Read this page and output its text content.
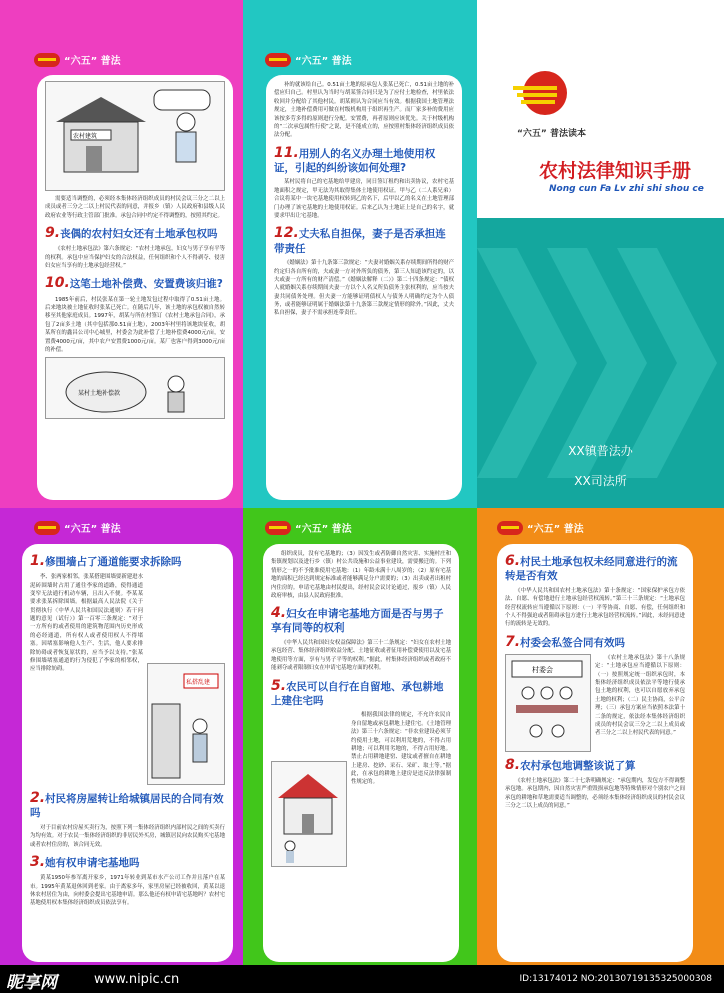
“六五” 普法
农村建筑

需要适当调整的，必须经本集体经济组织成员的村民会议三分之二以上成员或者三分之二以上村民代表的同意，并报乡（镇）人民政府和县级人民政府农业等行政主管部门批准。承包合同中约定不得调整的，按照其约定。

9.丧偶的农村妇女还有土地承包权吗

《农村土地承包法》第六条规定：“农村土地承包，妇女与男子享有平等的权利。承包中应当保护妇女的合法权益，任何组织和个人不得剥夺、侵害妇女应当享有的土地承包经营权。”

10.这笔土地补偿费、安置费该归谁?

1985年前后，村民张某在第一轮土地发包过程中取得了0.51亩土地。后来地块被土地征收时张某已死亡。在随后几年，该土地的承包权被自然转移至其他家庭成员。1997年，胡某与所在村签订《农村土地承包合同》，承包了2亩多土地（其中包括那0.51亩土地），2003年村里将该地块征收，胡某所在的鑫昌公司中心城里，村委会为此补偿了土地补偿费4000元/亩，安置费4000元/亩，其中农户安置费1000元/亩。某厂也客户得到3000元/亩的补偿。

某村土地补偿款
“六五” 普法

补的就该给自己。0.51亩土地的原承包人张某已死亡，0.51亩土地的补偿应归自己。村里认为当时与胡某签合同只是为了应付土地检查，村里依法收回并分配给了其他村民。胡某则认为合同应当有效。根据我国土地管理法规定，土地补偿费用可做在村级机构用于组织再生产。而厂家多补的费用应该按多劳多得的原则进行分配。安置费，再者原则应该优先。关于村级机构的“二次承包属性行使”之说，是不能成立的，应按照村集体经济组织成员依法分配。

11.用别人的名义办理土地使用权证，引起的纠纷该如何处理?

某村民将自己的宅基地给甲建房，同日签订租约和出卖协议，农村宅基地面积之规定，甲无法为其取得集体土地使用权证。甲与乙（二人系兄弟）合议将某中一块宅基地使用权转到乙的名下，后甲以乙的名义在土地管理部门办理了该宅基地的土地使用权证。后来乙认为土地证上是自己的名字，就要求甲出让宅基地。

12.丈夫私自担保，妻子是否承担连带责任

《婚姻法》第十九条第三款规定：“夫妻对婚姻关系存续期间所得的财产约定归各自所有的，夫或妻一方对外所负的债务，第三人知道该约定的，以夫或妻一方所有的财产清偿。”《婚姻法解释（二）》第二十四条规定：“债权人就婚姻关系存续期间夫妻一方以个人名义所负债务主张权利的，应当按夫妻共同债务处理。但夫妻一方能够证明债权人与债务人明确约定为个人债务，或者能够证明属于婚姻法第十九条第三款规定情形的除外。”因此，丈夫私自担保，妻子不需承担连带责任。

“六五” 普法读本
农村法律知识手册
Nong cun Fa Lv zhi shi shou ce
XX镇普法办
XX司法所
“六五” 普法
1.修围墙占了通道能要求拆除吗

李、张两家相邻，张某搭建围墙要新建进水泥砖围墙时占用了通往李家的道路，使得通道变窄无法通行机动车辆，且出入不便。李某某要求张某拆除围墙。根据最高人民法院《关于贯彻执行〈中华人民共和国民法通则〉若干问题的意见（试行）》第一百零三条规定：“对于一方所有的或者使用的建筑物范围内历史形成的必经通道，所有权人或者使用权人不得堵塞。因堵塞影响他人生产、生活，他人要求排除妨碍或者恢复原状的，应当予以支持。”张某修围墙堵塞通道的行为侵犯了李家的相邻权，应当排除妨碍。

私搭乱建
2.村民将房屋转让给城镇居民的合同有效吗

对于目前农村房屋买卖行为，按照下列一集体经济组织内部村民之间的买卖行为均有效。对于农民一集体经济组织的非居民外买房，城镇居民向农民购买宅基地或者农村住房的，该合同无效。

3.她有权申请宅基地吗

黄某1950年参军离开家乡，1971年转业到某市水产公司工作并且落户在某市。1995年黄某退休回到老家。由于离家多年，家里房屋已经被收回，黄某以退休农村居住为由，向村委会提出宅基地申请。那么他还有权申请宅基地吗？农村宅基地使用权本集体经济组织成员依法享有。

“六五” 普法

组织成员，没有宅基地的；（3）因发生或者防御自然灾害、实施村庄和集镇规划以及进行乡（镇）村公共设施和公益事业建设，需要搬迁的。下列情形之一的不予批准使用宅基地：（1）年龄未满十八周岁的；（2）原有宅基地的面积已经达到规定标准或者能够满足分户需要的；（3）出卖或者出租村内住房的。申请宅基地由村民提出，经村民会议讨论通过，报乡（镇）人民政府审核，由县人民政府批准。

4.妇女在申请宅基地方面是否与男子享有同等的权利

《中华人民共和国妇女权益保障法》第三十二条规定：“妇女在农村土地承包经营、集体经济组织收益分配、土地征收或者征用补偿费使用以及宅基地使用等方面，享有与男子平等的权利。”据此，村集体经济组织或者政府不能剥夺或者限制妇女在申请宅基地方面的权利。

5.农民可以自行在自留地、承包耕地上建住宅吗

根据我国法律的规定，不允许农民自身自留地或承包耕地上建住宅。《土地管理法》第三十六条规定：“非农业建设必须节约使用土地，可以利用荒地的，不得占用耕地；可以利用劣地的，不得占用好地。禁止占用耕地建窑、建坟或者擅自在耕地上建房、挖砂、采石、采矿、取土等。”据此，在承包的耕地上建房是违反法律强制性规定的。

“六五” 普法
6.村民土地承包权未经同意进行的流转是否有效

《中华人民共和国农村土地承包法》第十条规定：“国家保护承包方依法、自愿、有偿地进行土地承包经营权流转。”第三十三条规定：“土地承包经营权流转应当遵循以下原则：（一）平等协商、自愿、有偿，任何组织和个人不得强迫或者阻碍承包方进行土地承包经营权流转。”因此，未经同意进行的流转是无效的。

7.村委会私签合同有效吗
村委会

《农村土地承包法》第十八条规定：“土地承包应当遵循以下原则：（一）按照规定统一组织承包时，本集体经济组织成员依法平等地行使承包土地的权利，也可以自愿放弃承包土地的权利；（二）民主协商，公平合理；（三）承包方案应当依照本法第十二条的规定，依法经本集体经济组织成员的村民会议三分之二以上成员或者三分之二以上村民代表的同意。”

8.农村承包地调整该说了算

《农村土地承包法》第二十七条明确规定：“承包期内，发包方不得调整承包地。承包期内，因自然灾害严重毁损承包地等特殊情形对个别农户之间承包的耕地和草地需要适当调整的，必须经本集体经济组织成员的村民会议三分之二以上成员的同意。”

昵享网	www.nipic.cn	ID:13174012 NO:20130719135325000308
